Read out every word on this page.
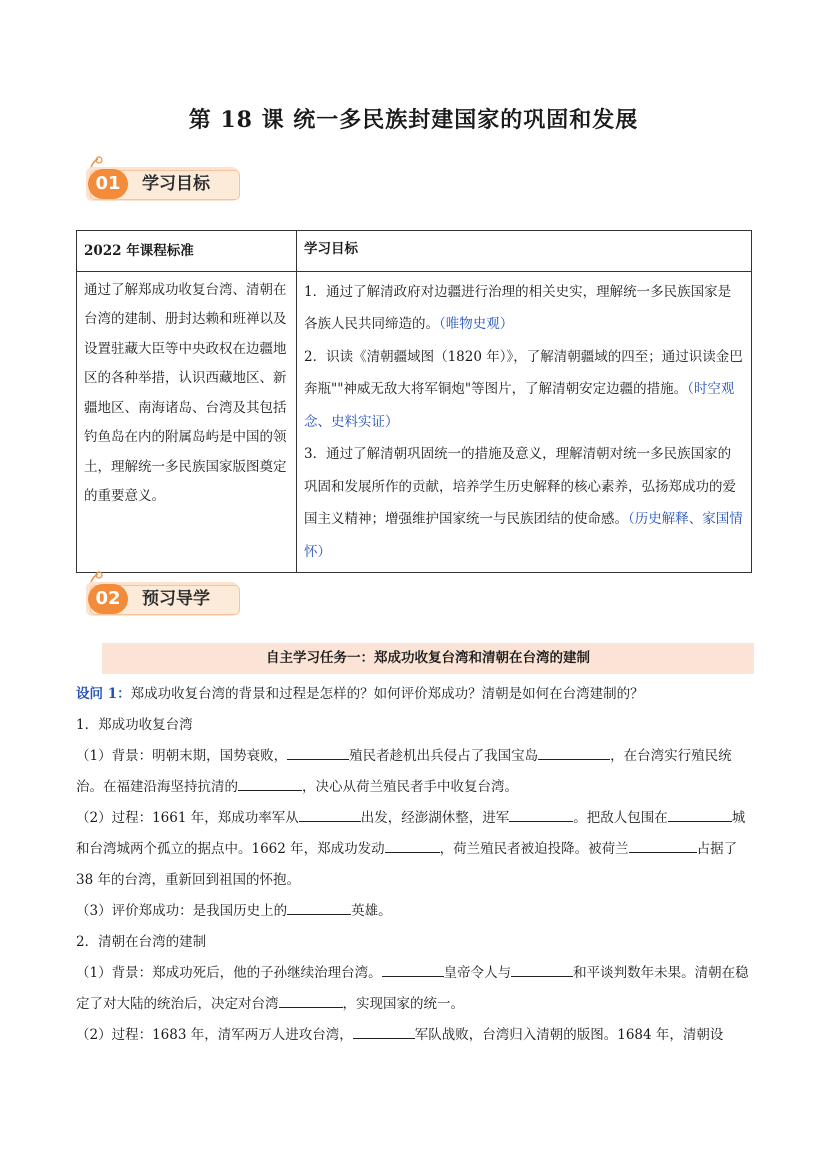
第 18 课 统一多民族封建国家的巩固和发展
01	学习目标
2022 年课程标准	学习目标
通过了解郑成功收复台湾、清朝在台湾的建制、册封达赖和班禅以及设置驻藏大臣等中央政权在边疆地区的各种举措，认识西藏地区、新疆地区、南海诸岛、台湾及其包括钓鱼岛在内的附属岛屿是中国的领土，理解统一多民族国家版图奠定的重要意义。	1．通过了解清政府对边疆进行治理的相关史实，理解统一多民族国家是各族人民共同缔造的。（唯物史观）
2．识读《清朝疆域图（1820 年）》，了解清朝疆域的四至；通过识读金巴奔瓶""神威无敌大将军铜炮"等图片，了解清朝安定边疆的措施。（时空观念、史料实证）
3．通过了解清朝巩固统一的措施及意义，理解清朝对统一多民族国家的巩固和发展所作的贡献，培养学生历史解释的核心素养，弘扬郑成功的爱国主义精神；增强维护国家统一与民族团结的使命感。（历史解释、家国情怀）
02	预习导学
自主学习任务一：郑成功收复台湾和清朝在台湾的建制
设问 1：郑成功收复台湾的背景和过程是怎样的？如何评价郑成功？清朝是如何在台湾建制的？

1．郑成功收复台湾

（1）背景：明朝末期，国势衰败，	殖民者趁机出兵侵占了我国宝岛	，在台湾实行殖民统治。在福建沿海坚持抗清的	，决心从荷兰殖民者手中收复台湾。

（2）过程：1661 年，郑成功率军从	出发，经澎湖休整，进军	。把敌人包围在	城和台湾城两个孤立的据点中。1662 年，郑成功发动	，荷兰殖民者被迫投降。被荷兰	占据了 38 年的台湾，重新回到祖国的怀抱。

（3）评价郑成功：是我国历史上的	英雄。

2．清朝在台湾的建制

（1）背景：郑成功死后，他的子孙继续治理台湾。	皇帝令人与	和平谈判数年未果。清朝在稳定了对大陆的统治后，决定对台湾	，实现国家的统一。

（2）过程：1683 年，清军两万人进攻台湾，	军队战败，台湾归入清朝的版图。1684 年，清朝设
